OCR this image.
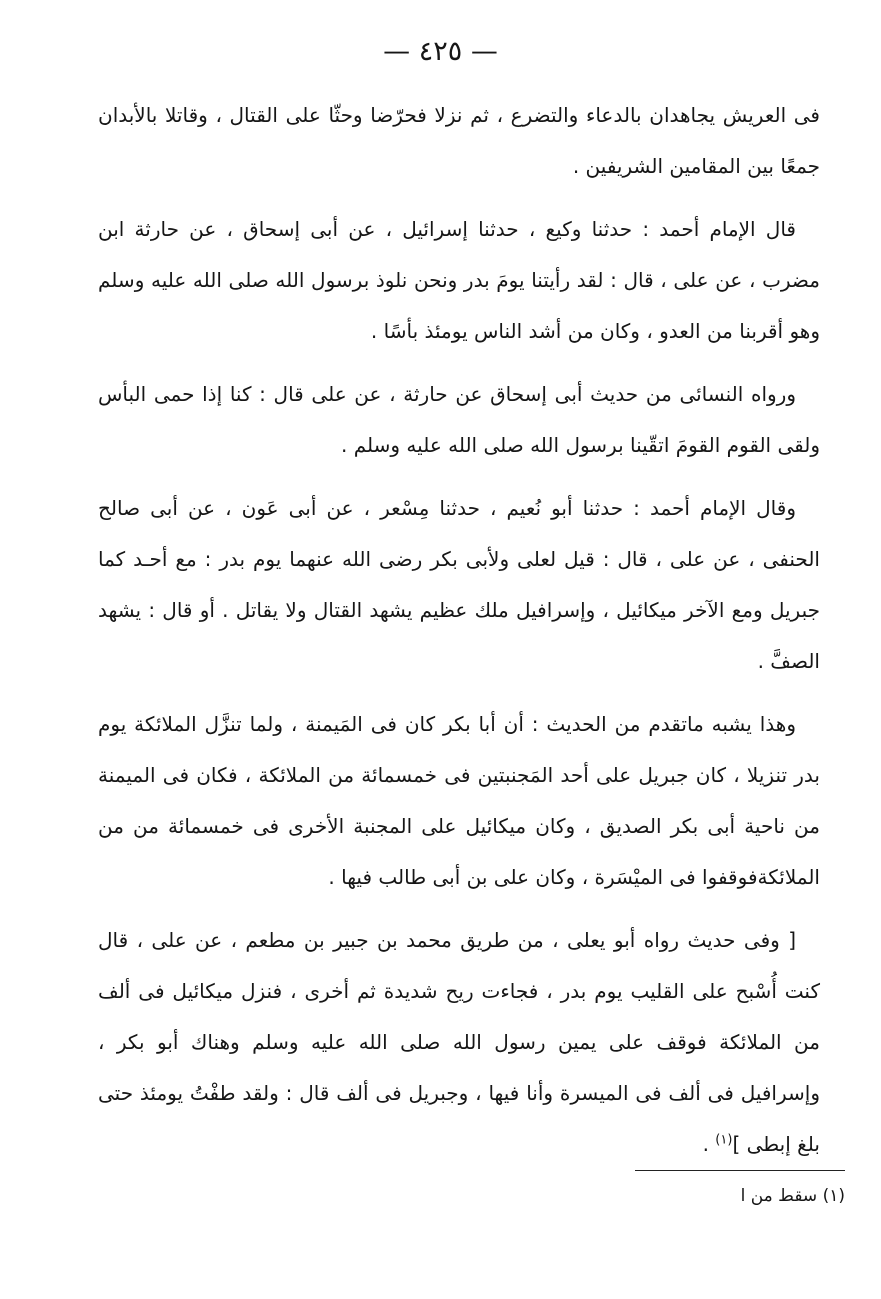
— ٤٢٥ —

فى العريش يجاهدان بالدعاء والتضرع ، ثم نزلا فحرّضا وحثّا على القتال ، وقاتلا بالأبدان جمعًا بين المقامين الشريفين .

قال الإمام أحمد : حدثنا وكيع ، حدثنا إسرائيل ، عن أبى إسحاق ، عن حارثة ابن مضرب ، عن على ، قال : لقد رأيتنا يومَ بدر ونحن نلوذ برسول الله صلى الله عليه وسلم وهو أقربنا من العدو ، وكان من أشد الناس يومئذ بأسًا .

ورواه النسائى من حديث أبى إسحاق عن حارثة ، عن على قال : كنا إذا حمى البأس ولقى القوم القومَ اتقّينا برسول الله صلى الله عليه وسلم .

وقال الإمام أحمد : حدثنا أبو نُعيم ، حدثنا مِسْعر ، عن أبى عَون ، عن أبى صالح الحنفى ، عن على ، قال : قيل لعلى ولأبى بكر رضى الله عنهما يوم بدر : مع أحـد كما جبريل ومع الآخر ميكائيل ، وإسرافيل ملك عظيم يشهد القتال ولا يقاتل . أو قال : يشهد الصفَّ .

وهذا يشبه ماتقدم من الحديث : أن أبا بكر كان فى المَيمنة ، ولما تنزَّل الملائكة يوم بدر تنزيلا ، كان جبريل على أحد المَجنبتين فى خمسمائة من الملائكة ، فكان فى الميمنة من ناحية أبى بكر الصديق ، وكان ميكائيل على المجنبة الأخرى فى خمسمائة من من الملائكةفوقفوا فى الميْسَرة ، وكان على بن أبى طالب فيها .

[ وفى حديث رواه أبو يعلى ، من طريق محمد بن جبير بن مطعم ، عن على ، قال كنت أُسْبح على القليب يوم بدر ، فجاءت ريح شديدة ثم أخرى ، فنزل ميكائيل فى ألف من الملائكة فوقف على يمين رسول الله صلى الله عليه وسلم وهناك أبو بكر ، وإسرافيل فى ألف فى الميسرة وأنا فيها ، وجبريل فى ألف قال : ولقد طفْتُ يومئذ حتى بلغ إبطى ]$^{(١)}$ .

(١) سقط من ا
